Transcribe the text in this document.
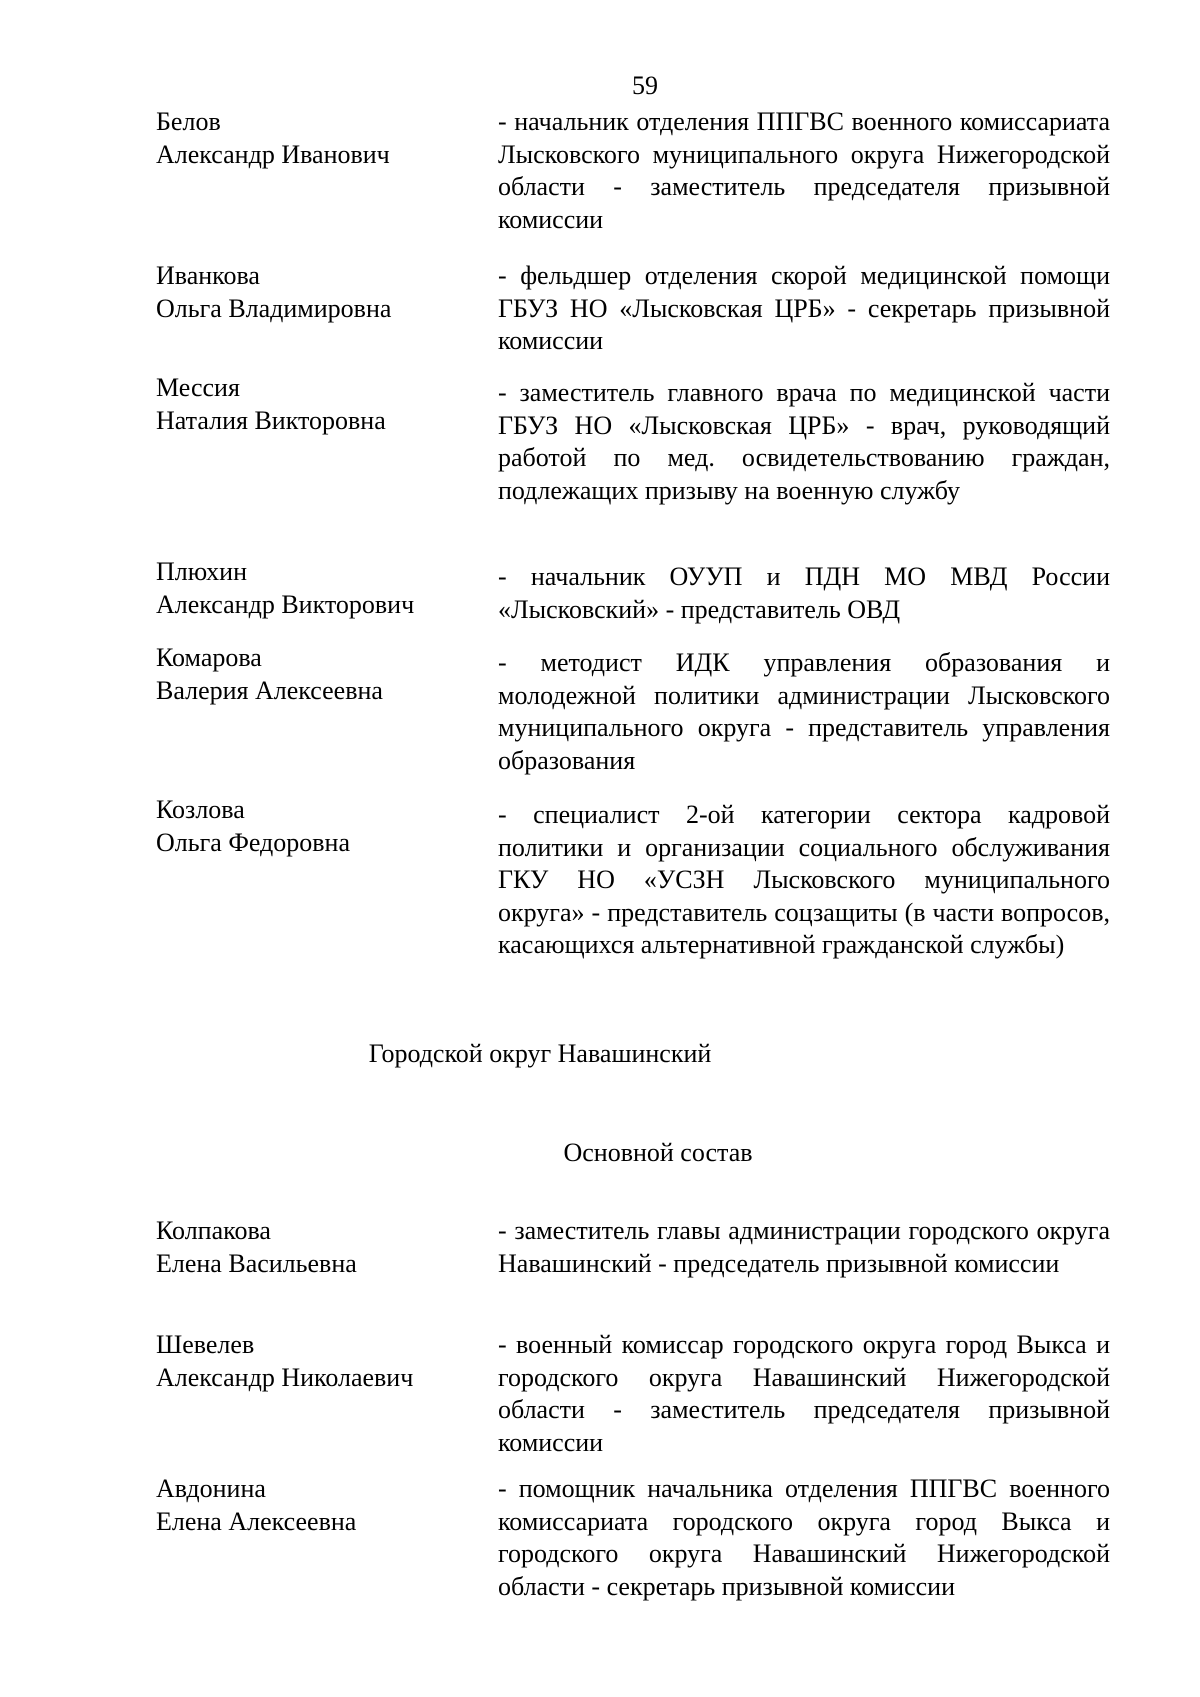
59
Белов
Александр Иванович
- начальник отделения ППГВС военного комиссариата Лысковского муниципального округа Нижегородской области - заместитель председателя призывной комиссии
Иванкова
Ольга Владимировна
- фельдшер отделения скорой медицинской помощи ГБУЗ НО «Лысковская ЦРБ» - секретарь призывной комиссии
Мессия
Наталия Викторовна
- заместитель главного врача по медицинской части ГБУЗ НО «Лысковская ЦРБ» - врач, руководящий работой по мед. освидетельствованию граждан, подлежащих призыву на военную службу
Плюхин
Александр Викторович
- начальник ОУУП и ПДН МО МВД России «Лысковский» - представитель ОВД
Комарова
Валерия Алексеевна
- методист ИДК управления образования и молодежной политики администрации Лысковского муниципального округа - представитель управления образования
Козлова
Ольга Федоровна
- специалист 2-ой категории сектора кадровой политики и организации социального обслуживания ГКУ НО «УСЗН Лысковского муниципального округа» - представитель соцзащиты (в части вопросов, касающихся альтернативной гражданской службы)
Колпакова
Елена Васильевна
- заместитель главы администрации городского округа Навашинский - председатель призывной комиссии
Шевелев
Александр Николаевич
- военный комиссар городского округа город Выкса и городского округа Навашинский Нижегородской области - заместитель председателя призывной комиссии
Авдонина
Елена Алексеевна
- помощник начальника отделения ППГВС военного комиссариата городского округа город Выкса и городского округа Навашинский Нижегородской области - секретарь призывной комиссии
Городской округ Навашинский
Основной состав
